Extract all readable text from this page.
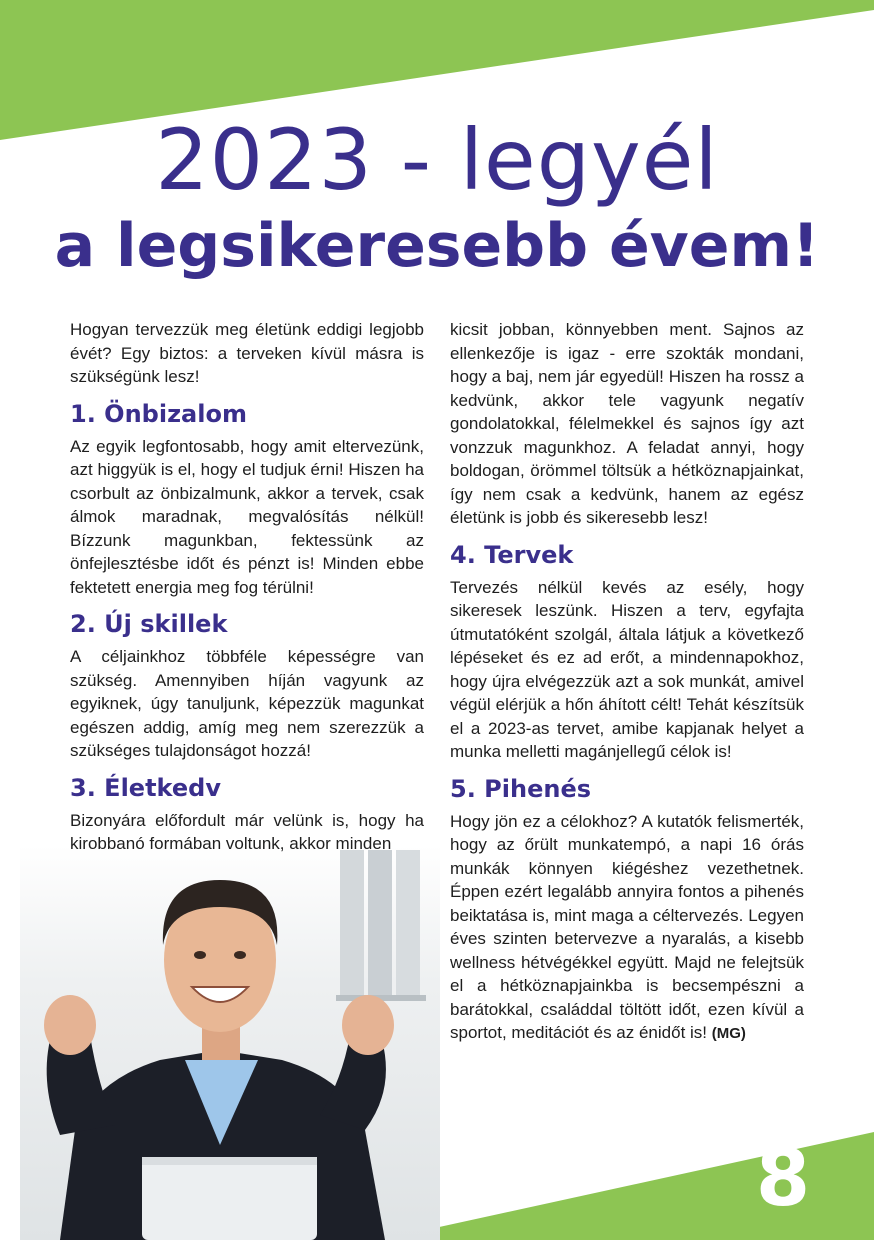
2023 - legyél
a legsikeresebb évem!

Hogyan tervezzük meg életünk eddigi legjobb évét? Egy biztos: a terveken kívül másra is szükségünk lesz!

1. Önbizalom

Az egyik legfontosabb, hogy amit eltervezünk, azt higgyük is el, hogy el tudjuk érni! Hiszen ha csorbult az önbizalmunk, akkor a tervek, csak álmok maradnak, megvalósítás nélkül! Bízzunk magunkban, fektessünk az önfejlesztésbe időt és pénzt is! Minden ebbe fektetett energia meg fog térülni!

2. Új skillek

A céljainkhoz többféle képességre van szükség. Amennyiben híján vagyunk az egyiknek, úgy tanuljunk, képezzük magunkat egészen addig, amíg meg nem szerezzük a szükséges tulajdonságot hozzá!

3. Életkedv

Bizonyára előfordult már velünk is, hogy ha kirobbanó formában voltunk, akkor minden

kicsit jobban, könnyebben ment. Sajnos az ellenkezője is igaz - erre szokták mondani, hogy a baj, nem jár egyedül! Hiszen ha rossz a kedvünk, akkor tele vagyunk negatív gondolatokkal, félelmekkel és sajnos így azt vonzzuk magunkhoz. A feladat annyi, hogy boldogan, örömmel töltsük a hétköznapjainkat, így nem csak a kedvünk, hanem az egész életünk is jobb és sikeresebb lesz!

4. Tervek

Tervezés nélkül kevés az esély, hogy sikeresek leszünk. Hiszen a terv, egyfajta útmutatóként szolgál, általa látjuk a következő lépéseket és ez ad erőt, a mindennapokhoz, hogy újra elvégezzük azt a sok munkát, amivel végül elérjük a hőn áhított célt! Tehát készítsük el a 2023-as tervet, amibe kapjanak helyet a munka melletti magánjellegű célok is!

5. Pihenés

Hogy jön ez a célokhoz? A kutatók felismerték, hogy az őrült munkatempó, a napi 16 órás munkák könnyen kiégéshez vezethetnek. Éppen ezért legalább annyira fontos a pihenés beiktatása is, mint maga a céltervezés. Legyen éves szinten betervezve a nyaralás, a kisebb wellness hétvégékkel együtt. Majd ne felejtsük el a hétköznapjainkba is becsempészni a barátokkal, családdal töltött időt, ezen kívül a sportot, meditációt és az énidőt is! (MG)

8
